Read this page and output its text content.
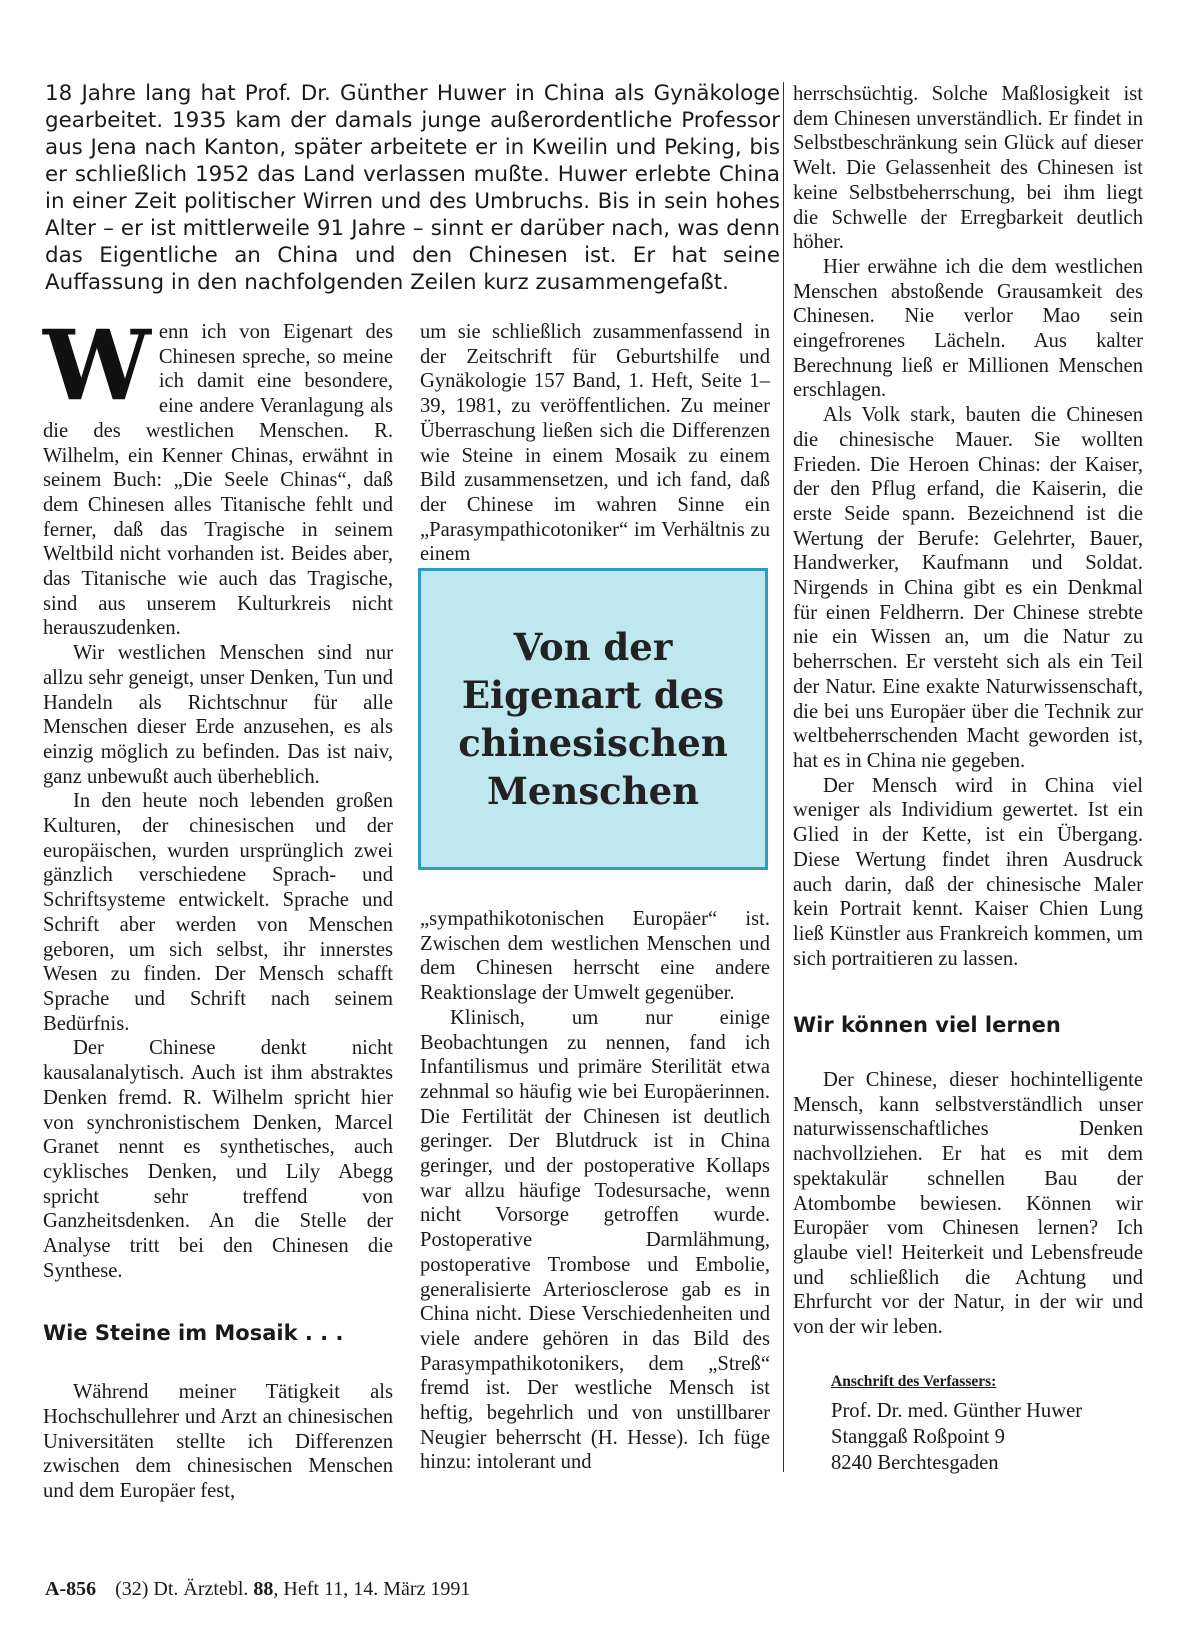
18 Jahre lang hat Prof. Dr. Günther Huwer in China als Gynäkologe gearbeitet. 1935 kam der damals junge außerordentliche Professor aus Jena nach Kanton, später arbeitete er in Kweilin und Peking, bis er schließlich 1952 das Land verlassen mußte. Huwer erlebte China in einer Zeit politischer Wirren und des Umbruchs. Bis in sein hohes Alter – er ist mittlerweile 91 Jahre – sinnt er darüber nach, was denn das Eigentliche an China und den Chinesen ist. Er hat seine Auffassung in den nachfolgenden Zeilen kurz zusammengefaßt.

Wenn ich von Eigenart des Chinesen spreche, so meine ich damit eine besondere, eine andere Veranlagung als die des westlichen Menschen. R. Wilhelm, ein Kenner Chinas, erwähnt in seinem Buch: „Die Seele Chinas“, daß dem Chinesen alles Titanische fehlt und ferner, daß das Tragische in seinem Weltbild nicht vorhanden ist. Beides aber, das Titanische wie auch das Tragische, sind aus unserem Kulturkreis nicht herauszudenken.

Wir westlichen Menschen sind nur allzu sehr geneigt, unser Denken, Tun und Handeln als Richtschnur für alle Menschen dieser Erde anzusehen, es als einzig möglich zu befinden. Das ist naiv, ganz unbewußt auch überheblich.

In den heute noch lebenden großen Kulturen, der chinesischen und der europäischen, wurden ursprünglich zwei gänzlich verschiedene Sprach- und Schriftsysteme entwickelt. Sprache und Schrift aber werden von Menschen geboren, um sich selbst, ihr innerstes Wesen zu finden. Der Mensch schafft Sprache und Schrift nach seinem Bedürfnis.

Der Chinese denkt nicht kausalanalytisch. Auch ist ihm abstraktes Denken fremd. R. Wilhelm spricht hier von synchronistischem Denken, Marcel Granet nennt es synthetisches, auch cyklisches Denken, und Lily Abegg spricht sehr treffend von Ganzheitsdenken. An die Stelle der Analyse tritt bei den Chinesen die Synthese.

Wie Steine im Mosaik . . .

Während meiner Tätigkeit als Hochschullehrer und Arzt an chinesischen Universitäten stellte ich Differenzen zwischen dem chinesischen Menschen und dem Europäer fest,

um sie schließlich zusammenfassend in der Zeitschrift für Geburtshilfe und Gynäkologie 157 Band, 1. Heft, Seite 1–39, 1981, zu veröffentlichen. Zu meiner Überraschung ließen sich die Differenzen wie Steine in einem Mosaik zu einem Bild zusammensetzen, und ich fand, daß der Chinese im wahren Sinne ein „Parasympathicotoniker“ im Verhältnis zu einem

Von der Eigenart des chinesischen Menschen

„sympathikotonischen Europäer“ ist. Zwischen dem westlichen Menschen und dem Chinesen herrscht eine andere Reaktionslage der Umwelt gegenüber.

Klinisch, um nur einige Beobachtungen zu nennen, fand ich Infantilismus und primäre Sterilität etwa zehnmal so häufig wie bei Europäerinnen. Die Fertilität der Chinesen ist deutlich geringer. Der Blutdruck ist in China geringer, und der postoperative Kollaps war allzu häufige Todesursache, wenn nicht Vorsorge getroffen wurde. Postoperative Darmlähmung, postoperative Trombose und Embolie, generalisierte Arteriosclerose gab es in China nicht. Diese Verschiedenheiten und viele andere gehören in das Bild des Parasympathikotonikers, dem „Streß“ fremd ist. Der westliche Mensch ist heftig, begehrlich und von unstillbarer Neugier beherrscht (H. Hesse). Ich füge hinzu: intolerant und

herrschsüchtig. Solche Maßlosigkeit ist dem Chinesen unverständlich. Er findet in Selbstbeschränkung sein Glück auf dieser Welt. Die Gelassenheit des Chinesen ist keine Selbstbeherrschung, bei ihm liegt die Schwelle der Erregbarkeit deutlich höher.

Hier erwähne ich die dem westlichen Menschen abstoßende Grausamkeit des Chinesen. Nie verlor Mao sein eingefrorenes Lächeln. Aus kalter Berechnung ließ er Millionen Menschen erschlagen.

Als Volk stark, bauten die Chinesen die chinesische Mauer. Sie wollten Frieden. Die Heroen Chinas: der Kaiser, der den Pflug erfand, die Kaiserin, die erste Seide spann. Bezeichnend ist die Wertung der Berufe: Gelehrter, Bauer, Handwerker, Kaufmann und Soldat. Nirgends in China gibt es ein Denkmal für einen Feldherrn. Der Chinese strebte nie ein Wissen an, um die Natur zu beherrschen. Er versteht sich als ein Teil der Natur. Eine exakte Naturwissenschaft, die bei uns Europäer über die Technik zur weltbeherrschenden Macht geworden ist, hat es in China nie gegeben.

Der Mensch wird in China viel weniger als Individium gewertet. Ist ein Glied in der Kette, ist ein Übergang. Diese Wertung findet ihren Ausdruck auch darin, daß der chinesische Maler kein Portrait kennt. Kaiser Chien Lung ließ Künstler aus Frankreich kommen, um sich portraitieren zu lassen.

Wir können viel lernen

Der Chinese, dieser hochintelligente Mensch, kann selbstverständlich unser naturwissenschaftliches Denken nachvollziehen. Er hat es mit dem spektakulär schnellen Bau der Atombombe bewiesen. Können wir Europäer vom Chinesen lernen? Ich glaube viel! Heiterkeit und Lebensfreude und schließlich die Achtung und Ehrfurcht vor der Natur, in der wir und von der wir leben.

Anschrift des Verfassers:
Prof. Dr. med. Günther Huwer
Stanggaß Roßpoint 9
8240 Berchtesgaden
A-856 (32) Dt. Ärztebl. 88, Heft 11, 14. März 1991
